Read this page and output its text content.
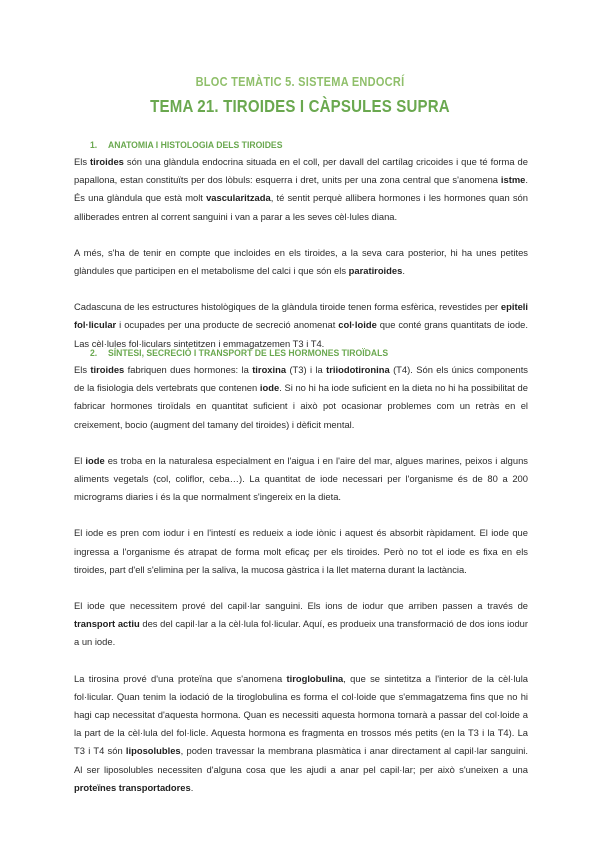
BLOC TEMÀTIC 5. SISTEMA ENDOCRÍ
TEMA 21. TIROIDES I CÀPSULES SUPRA
1. ANATOMIA I HISTOLOGIA DELS TIROIDES

Els tiroides són una glàndula endocrina situada en el coll, per davall del cartílag cricoides i que té forma de papallona, estan constituïts per dos lòbuls: esquerra i dret, units per una zona central que s'anomena istme. És una glàndula que està molt vascularitzada, té sentit perquè allibera hormones i les hormones quan són alliberades entren al corrent sanguini i van a parar a les seves cèl·lules diana.

A més, s'ha de tenir en compte que incloides en els tiroides, a la seva cara posterior, hi ha unes petites glàndules que participen en el metabolisme del calci i que són els paratiroides.

Cadascuna de les estructures histològiques de la glàndula tiroide tenen forma esfèrica, revestides per epiteli fol·licular i ocupades per una producte de secreció anomenat col·loide que conté grans quantitats de iode. Las cèl·lules fol·liculars sintetitzen i emmagatzemen T3 i T4.

2. SÍNTESI, SECRECIÓ I TRANSPORT DE LES HORMONES TIROÏDALS

Els tiroides fabriquen dues hormones: la tiroxina (T3) i la triiodotironina (T4). Són els únics components de la fisiologia dels vertebrats que contenen iode. Si no hi ha iode suficient en la dieta no hi ha possibilitat de fabricar hormones tiroïdals en quantitat suficient i això pot ocasionar problemes com un retràs en el creixement, bocio (augment del tamany del tiroides) i dèficit mental.

El iode es troba en la naturalesa especialment en l'aigua i en l'aire del mar, algues marines, peixos i alguns aliments vegetals (col, coliflor, ceba…). La quantitat de iode necessari per l'organisme és de 80 a 200 micrograms diaries i és la que normalment s'ingereix en la dieta.

El iode es pren com iodur i en l'intestí es redueix a iode iònic i aquest és absorbit ràpidament. El iode que ingressa a l'organisme és atrapat de forma molt eficaç per els tiroides. Però no tot el iode es fixa en els tiroides, part d'ell s'elimina per la saliva, la mucosa gàstrica i la llet materna durant la lactància.

El iode que necessitem prové del capil·lar sanguini. Els ions de iodur que arriben passen a través de transport actiu des del capil·lar a la cèl·lula fol·licular. Aquí, es produeix una transformació de dos ions iodur a un iode.

La tirosina prové d'una proteïna que s'anomena tiroglobulina, que se sintetitza a l'interior de la cèl·lula fol·licular. Quan tenim la iodació de la tiroglobulina es forma el col·loide que s'emmagatzema fins que no hi hagi cap necessitat d'aquesta hormona. Quan es necessiti aquesta hormona tornarà a passar del col·loide a la part de la cèl·lula del fol·licle. Aquesta hormona es fragmenta en trossos més petits (en la T3 i la T4). La T3 i T4 són liposolubles, poden travessar la membrana plasmàtica i anar directament al capil·lar sanguini. Al ser liposolubles necessiten d'alguna cosa que les ajudi a anar pel capil·lar; per això s'uneixen a una proteïnes transportadores.
